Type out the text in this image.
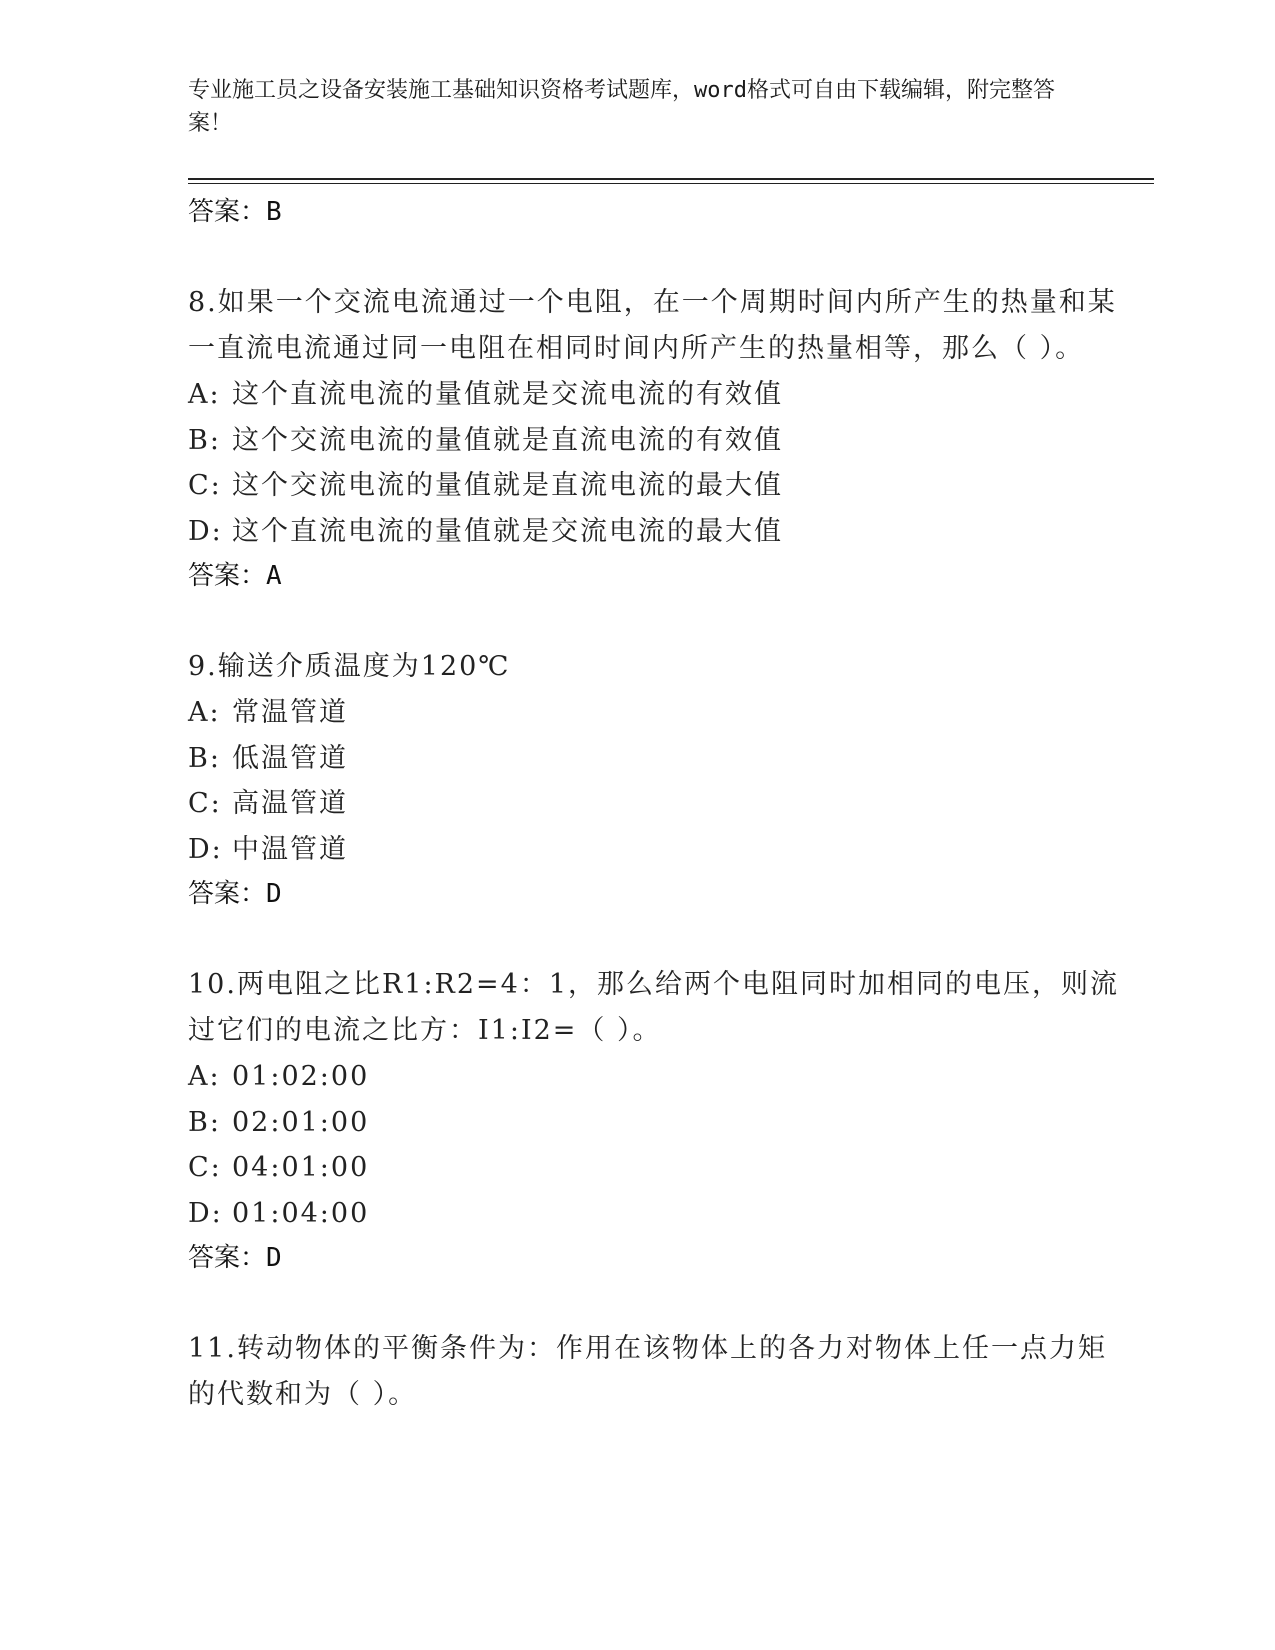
专业施工员之设备安装施工基础知识资格考试题库，word格式可自由下载编辑，附完整答案！
答案：B
8.如果一个交流电流通过一个电阻，在一个周期时间内所产生的热量和某一直流电流通过同一电阻在相同时间内所产生的热量相等，那么（ ）。
A: 这个直流电流的量值就是交流电流的有效值
B: 这个交流电流的量值就是直流电流的有效值
C: 这个交流电流的量值就是直流电流的最大值
D: 这个直流电流的量值就是交流电流的最大值
答案：A
9.输送介质温度为120℃
A: 常温管道
B: 低温管道
C: 高温管道
D: 中温管道
答案：D
10.两电阻之比R1:R2=4：1，那么给两个电阻同时加相同的电压，则流过它们的电流之比方：I1:I2=（ ）。
A: 01:02:00
B: 02:01:00
C: 04:01:00
D: 01:04:00
答案：D
11.转动物体的平衡条件为：作用在该物体上的各力对物体上任一点力矩的代数和为（ ）。
